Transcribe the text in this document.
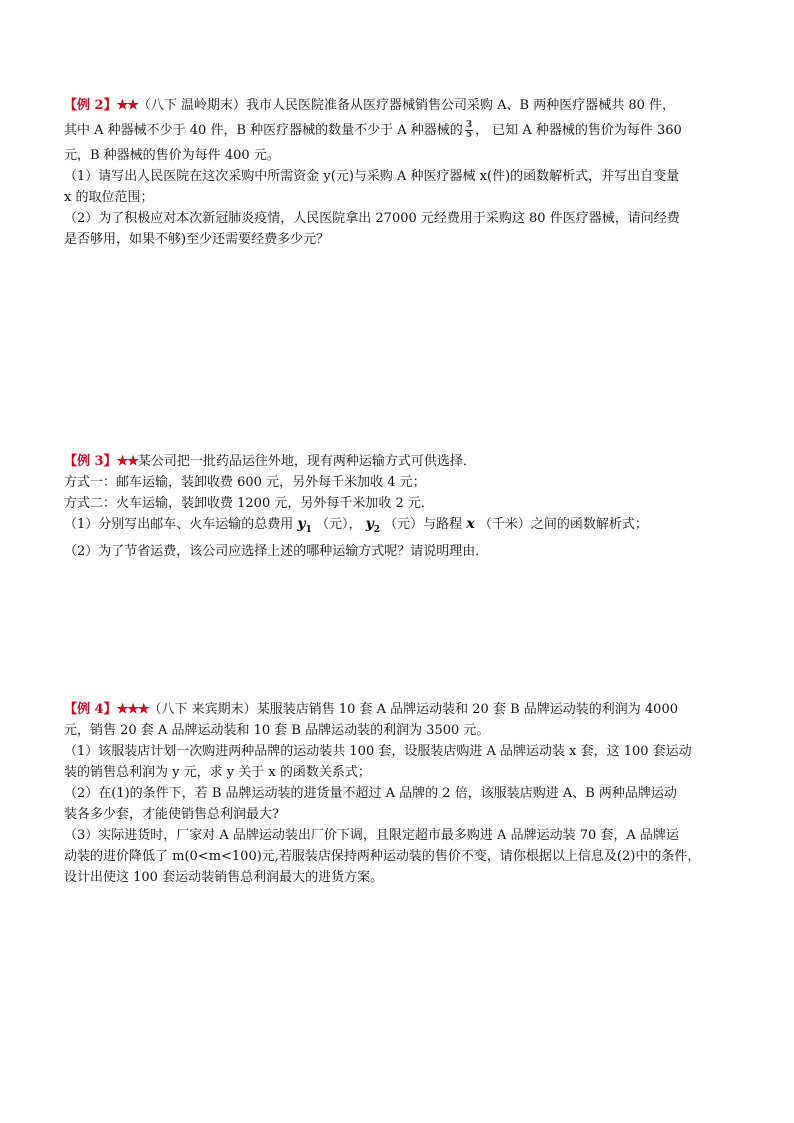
【例 2】★★（八下 温岭期末）我市人民医院准备从医疗器械销售公司采购 A、B 两种医疗器械共 80 件，
其中 A 种器械不少于 40 件，B 种医疗器械的数量不少于 A 种器械的 $\frac{3}{5}$ ， 已知 A 种器械的售价为每件 360
元，B 种器械的售价为每件 400 元。
（1）请写出人民医院在这次采购中所需资金 y(元)与采购 A 种医疗器械 x(件)的函数解析式，并写出自变量
x 的取位范围；
（2）为了积极应对本次新冠肺炎疫情，人民医院拿出 27000 元经费用于采购这 80 件医疗器械，请问经费
是否够用，如果不够)至少还需要经费多少元？
【例 3】★★某公司把一批药品运往外地，现有两种运输方式可供选择．
方式一：邮车运输，装卸收费 600 元，另外每千米加收 4 元；
方式二：火车运输，装卸收费 1200 元，另外每千米加收 2 元．
（1）分别写出邮车、火车运输的总费用 $y_1$ （元）， $y_2$ （元）与路程 x （千米）之间的函数解析式；
（2）为了节省运费，该公司应选择上述的哪种运输方式呢？请说明理由．
【例 4】★★★（八下 来宾期末）某服装店销售 10 套 A 品牌运动装和 20 套 B 品牌运动装的利润为 4000
元，销售 20 套 A 品牌运动装和 10 套 B 品牌运动装的利润为 3500 元。
（1）该服装店计划一次购进两种品牌的运动装共 100 套，设服装店购进 A 品牌运动装 x 套，这 100 套运动
装的销售总利润为 y 元，求 y 关于 x 的函数关系式；
（2）在(1)的条件下，若 B 品牌运动装的进货量不超过 A 品牌的 2 倍，该服装店购进 A、B 两种品牌运动
装各多少套，才能使销售总利润最大?
（3）实际进货时，厂家对 A 品牌运动装出厂价下调，且限定超市最多购进 A 品牌运动装 70 套，A 品牌运
动装的进价降低了 m(0<m<100)元,若服装店保持两种运动装的售价不变，请你根据以上信息及(2)中的条件，
设计出使这 100 套运动装销售总利润最大的进货方案。
